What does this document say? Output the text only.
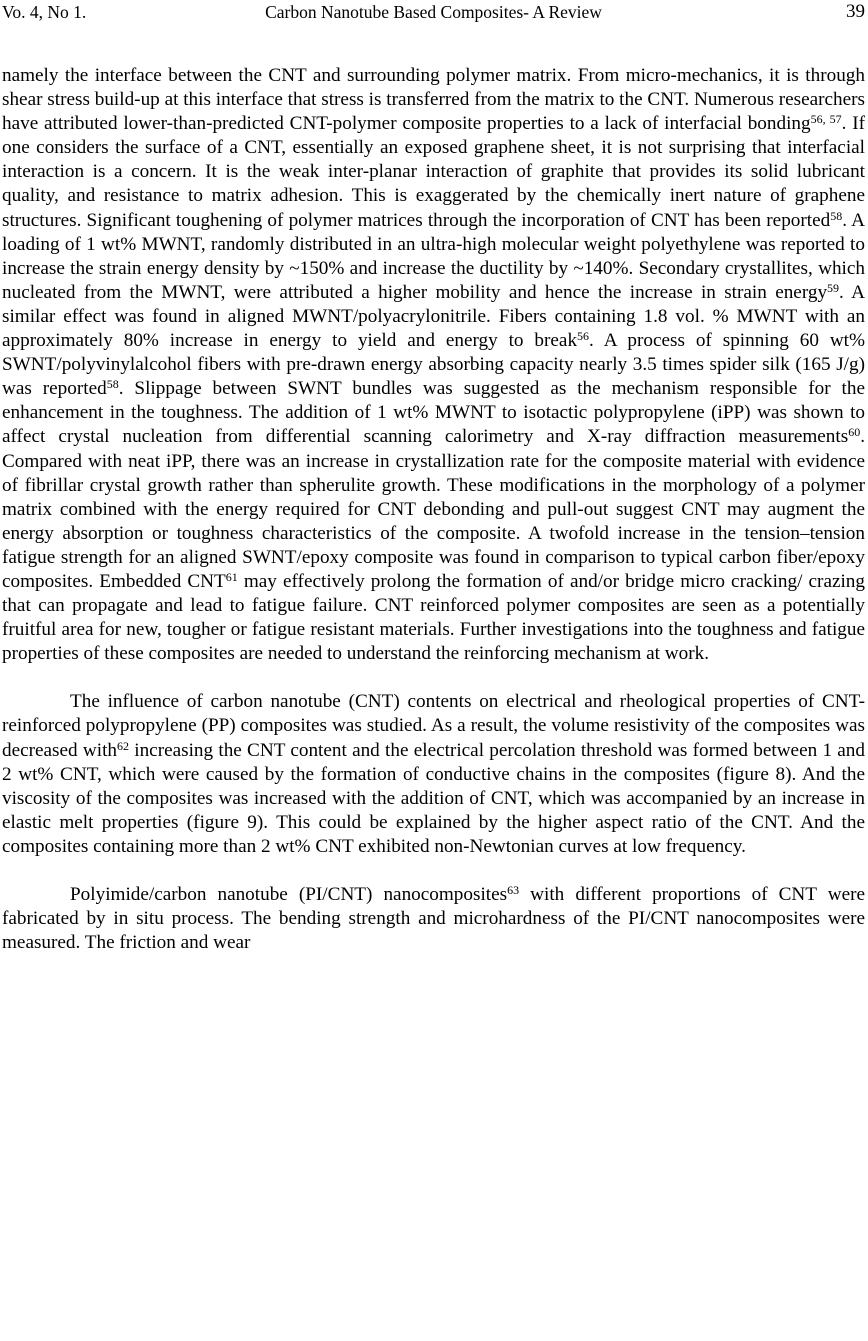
Vo. 4, No 1.	Carbon Nanotube Based Composites- A Review	39

namely the interface between the CNT and surrounding polymer matrix. From micro-mechanics, it is through shear stress build-up at this interface that stress is transferred from the matrix to the CNT. Numerous researchers have attributed lower-than-predicted CNT-polymer composite properties to a lack of interfacial bonding$^{56, 57}$. If one considers the surface of a CNT, essentially an exposed graphene sheet, it is not surprising that interfacial interaction is a concern. It is the weak inter-planar interaction of graphite that provides its solid lubricant quality, and resistance to matrix adhesion. This is exaggerated by the chemically inert nature of graphene structures. Significant toughening of polymer matrices through the incorporation of CNT has been reported$^{58}$. A loading of 1 wt% MWNT, randomly distributed in an ultra-high molecular weight polyethylene was reported to increase the strain energy density by ~150% and increase the ductility by ~140%. Secondary crystallites, which nucleated from the MWNT, were attributed a higher mobility and hence the increase in strain energy$^{59}$. A similar effect was found in aligned MWNT/polyacrylonitrile. Fibers containing 1.8 vol. % MWNT with an approximately 80% increase in energy to yield and energy to break$^{56}$. A process of spinning 60 wt% SWNT/polyvinylalcohol fibers with pre-drawn energy absorbing capacity nearly 3.5 times spider silk (165 J/g) was reported$^{58}$. Slippage between SWNT bundles was suggested as the mechanism responsible for the enhancement in the toughness. The addition of 1 wt% MWNT to isotactic polypropylene (iPP) was shown to affect crystal nucleation from differential scanning calorimetry and X-ray diffraction measurements$^{60}$. Compared with neat iPP, there was an increase in crystallization rate for the composite material with evidence of fibrillar crystal growth rather than spherulite growth. These modifications in the morphology of a polymer matrix combined with the energy required for CNT debonding and pull-out suggest CNT may augment the energy absorption or toughness characteristics of the composite. A twofold increase in the tension–tension fatigue strength for an aligned SWNT/epoxy composite was found in comparison to typical carbon fiber/epoxy composites. Embedded CNT$^{61}$ may effectively prolong the formation of and/or bridge micro cracking/ crazing that can propagate and lead to fatigue failure. CNT reinforced polymer composites are seen as a potentially fruitful area for new, tougher or fatigue resistant materials. Further investigations into the toughness and fatigue properties of these composites are needed to understand the reinforcing mechanism at work.

The influence of carbon nanotube (CNT) contents on electrical and rheological properties of CNT-reinforced polypropylene (PP) composites was studied. As a result, the volume resistivity of the composites was decreased with$^{62}$ increasing the CNT content and the electrical percolation threshold was formed between 1 and 2 wt% CNT, which were caused by the formation of conductive chains in the composites (figure 8). And the viscosity of the composites was increased with the addition of CNT, which was accompanied by an increase in elastic melt properties (figure 9). This could be explained by the higher aspect ratio of the CNT. And the composites containing more than 2 wt% CNT exhibited non-Newtonian curves at low frequency.

Polyimide/carbon nanotube (PI/CNT) nanocomposites$^{63}$ with different proportions of CNT were fabricated by in situ process. The bending strength and microhardness of the PI/CNT nanocomposites were measured. The friction and wear
